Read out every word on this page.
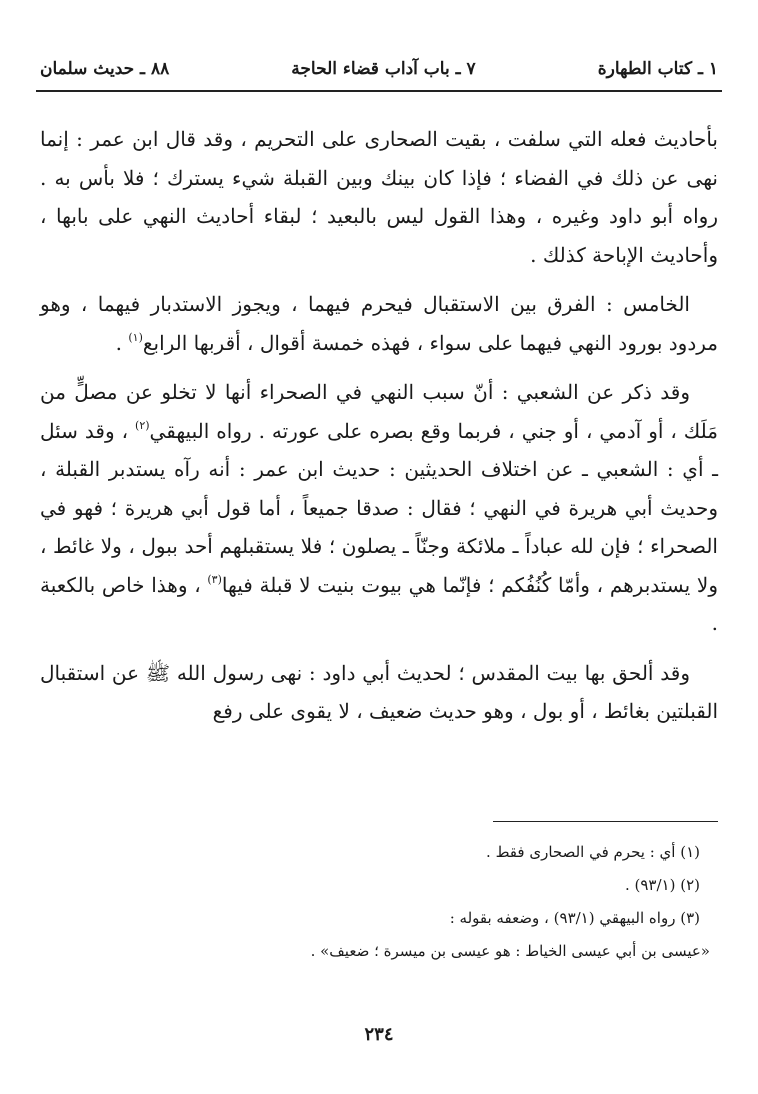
١ ـ كتاب الطهارة
٧ ـ باب آداب قضاء الحاجة
٨٨ ـ حديث سلمان

بأحاديث فعله التي سلفت ، بقيت الصحارى على التحريم ، وقد قال ابن عمر : إنما نهى عن ذلك في الفضاء ؛ فإذا كان بينك وبين القبلة شيء يسترك ؛ فلا بأس به . رواه أبو داود وغيره ، وهذا القول ليس بالبعيد ؛ لبقاء أحاديث النهي على بابها ، وأحاديث الإباحة كذلك .

الخامس : الفرق بين الاستقبال فيحرم فيهما ، ويجوز الاستدبار فيهما ، وهو مردود بورود النهي فيهما على سواء ، فهذه خمسة أقوال ، أقربها الرابع$^{(١)}$ .

وقد ذكر عن الشعبي : أنّ سبب النهي في الصحراء أنها لا تخلو عن مصلٍّ من مَلَك ، أو آدمي ، أو جني ، فربما وقع بصره على عورته . رواه البيهقي$^{(٢)}$ ، وقد سئل ـ أي : الشعبي ـ عن اختلاف الحديثين : حديث ابن عمر : أنه رآه يستدبر القبلة ، وحديث أبي هريرة في النهي ؛ فقال : صدقا جميعاً ، أما قول أبي هريرة ؛ فهو في الصحراء ؛ فإن لله عباداً ـ ملائكة وجنّاً ـ يصلون ؛ فلا يستقبلهم أحد ببول ، ولا غائط ، ولا يستدبرهم ، وأمّا كُنُفُكم ؛ فإنّما هي بيوت بنيت لا قبلة فيها$^{(٣)}$ ، وهذا خاص بالكعبة .

وقد ألحق بها بيت المقدس ؛ لحديث أبي داود : نهى رسول الله ﷺ عن استقبال القبلتين بغائط ، أو بول ، وهو حديث ضعيف ، لا يقوى على رفع

(١) أي : يحرم في الصحارى فقط .

(٢) (٩٣/١) .

(٣) رواه البيهقي (٩٣/١) ، وضعفه بقوله :

«عيسى بن أبي عيسى الخياط : هو عيسى بن ميسرة ؛ ضعيف» .

٢٣٤
